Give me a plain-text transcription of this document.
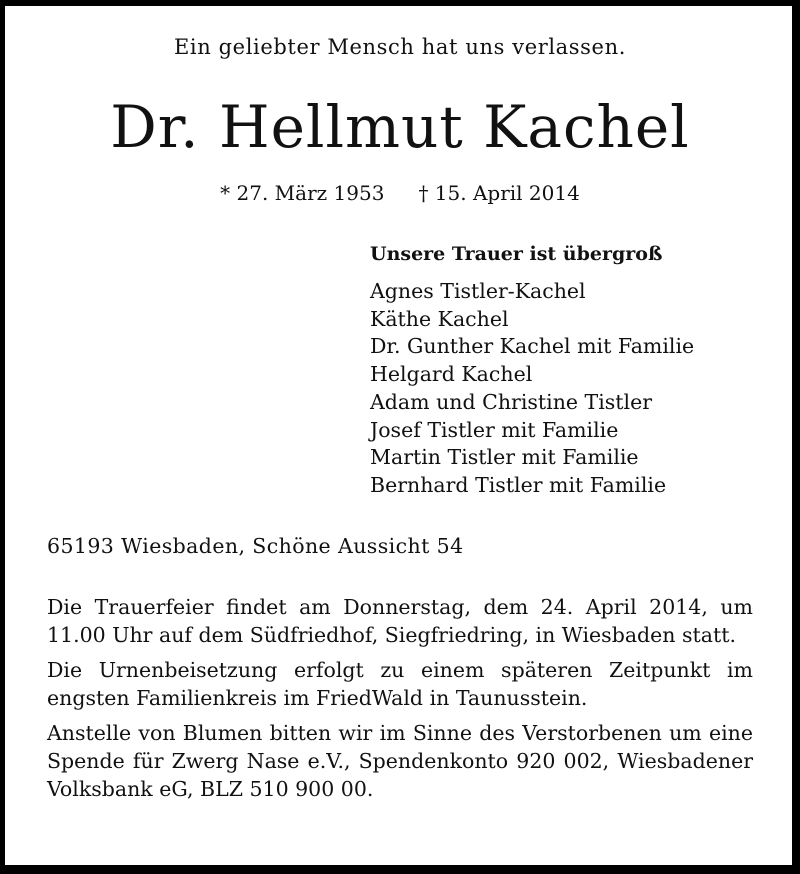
Ein geliebter Mensch hat uns verlassen.
Dr. Hellmut Kachel
* 27. März 1953 † 15. April 2014
Unsere Trauer ist übergroß
Agnes Tistler-Kachel
Käthe Kachel
Dr. Gunther Kachel mit Familie
Helgard Kachel
Adam und Christine Tistler
Josef Tistler mit Familie
Martin Tistler mit Familie
Bernhard Tistler mit Familie
65193 Wiesbaden, Schöne Aussicht 54

Die Trauerfeier findet am Donnerstag, dem 24. April 2014, um 11.00 Uhr auf dem Südfriedhof, Siegfriedring, in Wiesbaden statt.

Die Urnenbeisetzung erfolgt zu einem späteren Zeitpunkt im engsten Familienkreis im FriedWald in Taunusstein.

Anstelle von Blumen bitten wir im Sinne des Verstorbenen um eine Spende für Zwerg Nase e.V., Spendenkonto 920 002, Wiesbadener Volksbank eG, BLZ 510 900 00.
